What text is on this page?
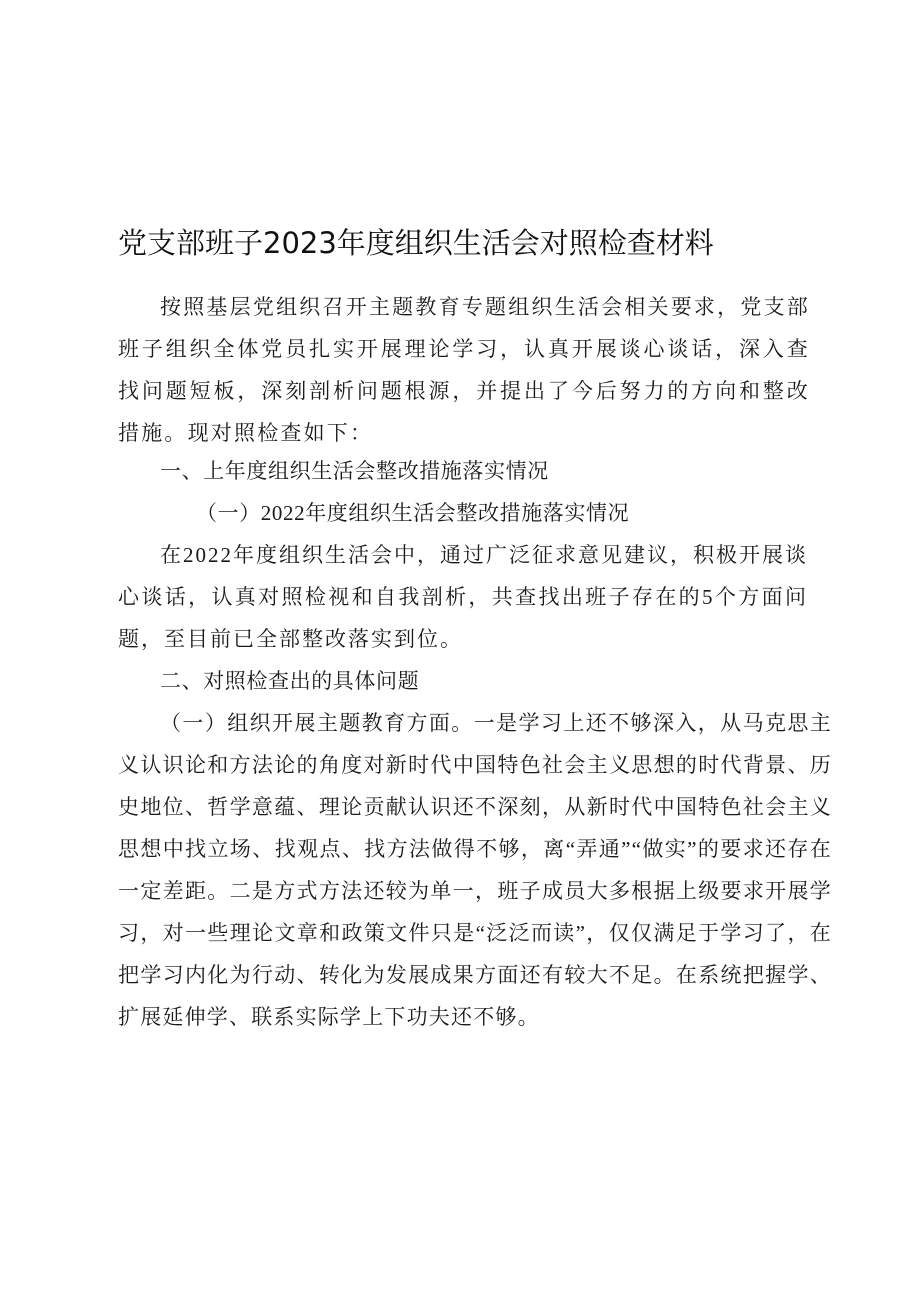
党支部班子2023年度组织生活会对照检查材料

按照基层党组织召开主题教育专题组织生活会相关要求，党支部班子组织全体党员扎实开展理论学习，认真开展谈心谈话，深入查找问题短板，深刻剖析问题根源，并提出了今后努力的方向和整改措施。现对照检查如下：

一、上年度组织生活会整改措施落实情况

（一）2022年度组织生活会整改措施落实情况

在2022年度组织生活会中，通过广泛征求意见建议，积极开展谈心谈话，认真对照检视和自我剖析，共查找出班子存在的5个方面问题，至目前已全部整改落实到位。

二、对照检查出的具体问题

（一）组织开展主题教育方面。一是学习上还不够深入，从马克思主义认识论和方法论的角度对新时代中国特色社会主义思想的时代背景、历史地位、哲学意蕴、理论贡献认识还不深刻，从新时代中国特色社会主义思想中找立场、找观点、找方法做得不够，离“弄通”“做实”的要求还存在一定差距。二是方式方法还较为单一，班子成员大多根据上级要求开展学习，对一些理论文章和政策文件只是“泛泛而读”，仅仅满足于学习了，在把学习内化为行动、转化为发展成果方面还有较大不足。在系统把握学、扩展延伸学、联系实际学上下功夫还不够。
